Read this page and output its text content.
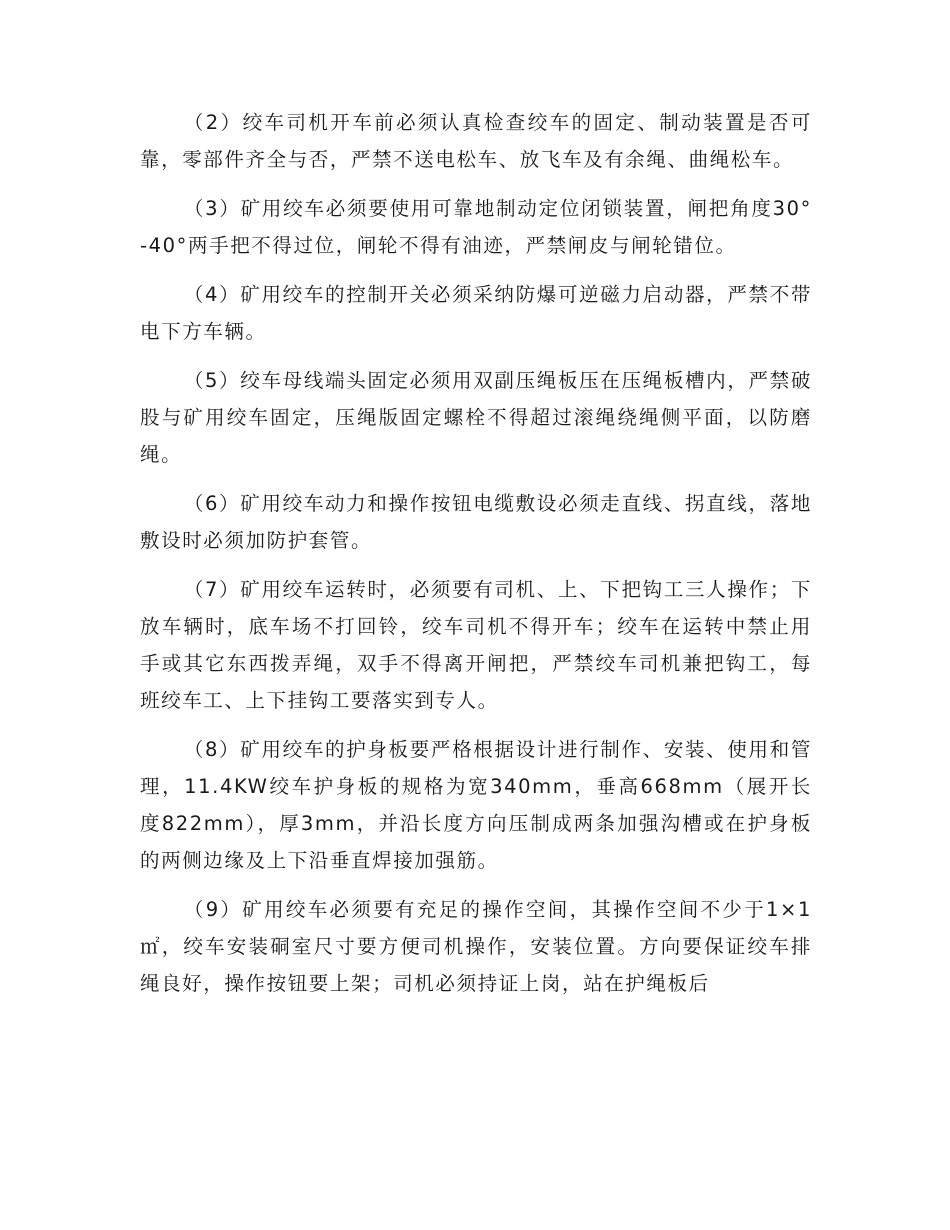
（2）绞车司机开车前必须认真检查绞车的固定、制动装置是否可靠，零部件齐全与否，严禁不送电松车、放飞车及有余绳、曲绳松车。

（3）矿用绞车必须要使用可靠地制动定位闭锁装置，闸把角度30°-40°两手把不得过位，闸轮不得有油迹，严禁闸皮与闸轮错位。

（4）矿用绞车的控制开关必须采纳防爆可逆磁力启动器，严禁不带电下方车辆。

（5）绞车母线端头固定必须用双副压绳板压在压绳板槽内，严禁破股与矿用绞车固定，压绳版固定螺栓不得超过滚绳绕绳侧平面，以防磨绳。

（6）矿用绞车动力和操作按钮电缆敷设必须走直线、拐直线，落地敷设时必须加防护套管。

（7）矿用绞车运转时，必须要有司机、上、下把钩工三人操作；下放车辆时，底车场不打回铃，绞车司机不得开车；绞车在运转中禁止用手或其它东西拨弄绳，双手不得离开闸把，严禁绞车司机兼把钩工，每班绞车工、上下挂钩工要落实到专人。

（8）矿用绞车的护身板要严格根据设计进行制作、安装、使用和管理，11.4KW绞车护身板的规格为宽340mm，垂高668mm（展开长度822mm），厚3mm，并沿长度方向压制成两条加强沟槽或在护身板的两侧边缘及上下沿垂直焊接加强筋。

（9）矿用绞车必须要有充足的操作空间，其操作空间不少于1×1㎡，绞车安装硐室尺寸要方便司机操作，安装位置。方向要保证绞车排绳良好，操作按钮要上架；司机必须持证上岗，站在护绳板后
